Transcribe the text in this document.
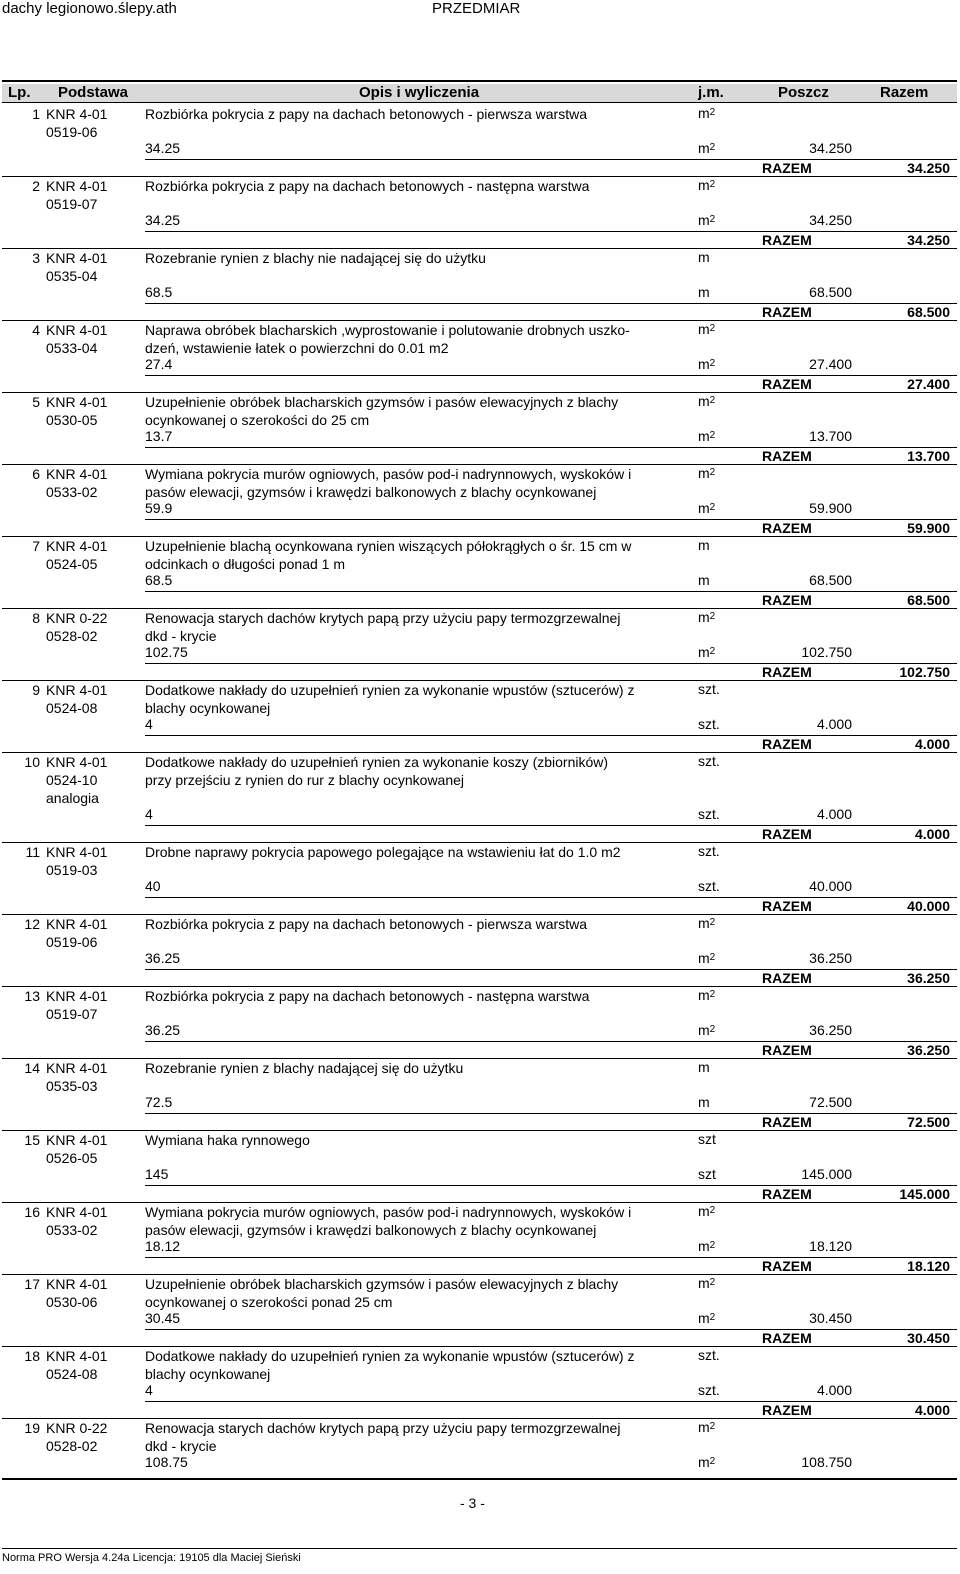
dachy legionowo.ślepy.ath	PRZEDMIAR
Lp. Podstawa	Opis i wyliczenia	j.m.	Poszcz	Razem
1 KNR 4-01
0519-06
Rozbiórka pokrycia z papy na dachach betonowych - pierwsza warstwa	$m^2$
34.25	$m^2$	34.250
RAZEM	34.250
2 KNR 4-01
0519-07
Rozbiórka pokrycia z papy na dachach betonowych - następna warstwa	$m^2$
34.25	$m^2$	34.250
RAZEM	34.250
3 KNR 4-01
0535-04
Rozebranie rynien z blachy nie nadającej się do użytku	m
68.5	m	68.500
RAZEM	68.500
4 KNR 4-01
0533-04
Naprawa obróbek blacharskich ,wyprostowanie i polutowanie drobnych uszko-
dzeń, wstawienie łatek o powierzchni do 0.01 m2
$m^2$
27.4	$m^2$	27.400
RAZEM	27.400
5 KNR 4-01
0530-05
Uzupełnienie obróbek blacharskich gzymsów i pasów elewacyjnych z blachy
ocynkowanej o szerokości do 25 cm
$m^2$
13.7	$m^2$	13.700
RAZEM	13.700
6 KNR 4-01
0533-02
Wymiana pokrycia murów ogniowych, pasów pod-i nadrynnowych, wyskoków i
pasów elewacji, gzymsów i krawędzi balkonowych z blachy ocynkowanej
$m^2$
59.9	$m^2$	59.900
RAZEM	59.900
7 KNR 4-01
0524-05
Uzupełnienie blachą ocynkowana rynien wiszących półokrągłych o śr. 15 cm w
odcinkach o długości ponad 1 m
m
68.5	m	68.500
RAZEM	68.500
8 KNR 0-22
0528-02
Renowacja starych dachów krytych papą przy użyciu papy termozgrzewalnej
dkd - krycie
$m^2$
102.75	$m^2$	102.750
RAZEM	102.750
9 KNR 4-01
0524-08
Dodatkowe nakłady do uzupełnień rynien za wykonanie wpustów (sztucerów) z
blachy ocynkowanej
szt.
4	szt.	4.000
RAZEM	4.000
10 KNR 4-01
0524-10
analogia
Dodatkowe nakłady do uzupełnień rynien za wykonanie koszy (zbiorników)
przy przejściu z rynien do rur z blachy ocynkowanej
szt.
4	szt.	4.000
RAZEM	4.000
11 KNR 4-01
0519-03
Drobne naprawy pokrycia papowego polegające na wstawieniu łat do 1.0 m2	szt.
40	szt.	40.000
RAZEM	40.000
12 KNR 4-01
0519-06
Rozbiórka pokrycia z papy na dachach betonowych - pierwsza warstwa	$m^2$
36.25	$m^2$	36.250
RAZEM	36.250
13 KNR 4-01
0519-07
Rozbiórka pokrycia z papy na dachach betonowych - następna warstwa	$m^2$
36.25	$m^2$	36.250
RAZEM	36.250
14 KNR 4-01
0535-03
Rozebranie rynien z blachy nadającej się do użytku	m
72.5	m	72.500
RAZEM	72.500
15 KNR 4-01
0526-05
Wymiana haka rynnowego	szt
145	szt	145.000
RAZEM	145.000
16 KNR 4-01
0533-02
Wymiana pokrycia murów ogniowych, pasów pod-i nadrynnowych, wyskoków i
pasów elewacji, gzymsów i krawędzi balkonowych z blachy ocynkowanej
$m^2$
18.12	$m^2$	18.120
RAZEM	18.120
17 KNR 4-01
0530-06
Uzupełnienie obróbek blacharskich gzymsów i pasów elewacyjnych z blachy
ocynkowanej o szerokości ponad 25 cm
$m^2$
30.45	$m^2$	30.450
RAZEM	30.450
18 KNR 4-01
0524-08
Dodatkowe nakłady do uzupełnień rynien za wykonanie wpustów (sztucerów) z
blachy ocynkowanej
szt.
4	szt.	4.000
RAZEM	4.000
19 KNR 0-22
0528-02
Renowacja starych dachów krytych papą przy użyciu papy termozgrzewalnej
dkd - krycie
$m^2$
108.75	$m^2$	108.750
- 3 -
Norma PRO Wersja 4.24a Licencja: 19105 dla Maciej Sieński
